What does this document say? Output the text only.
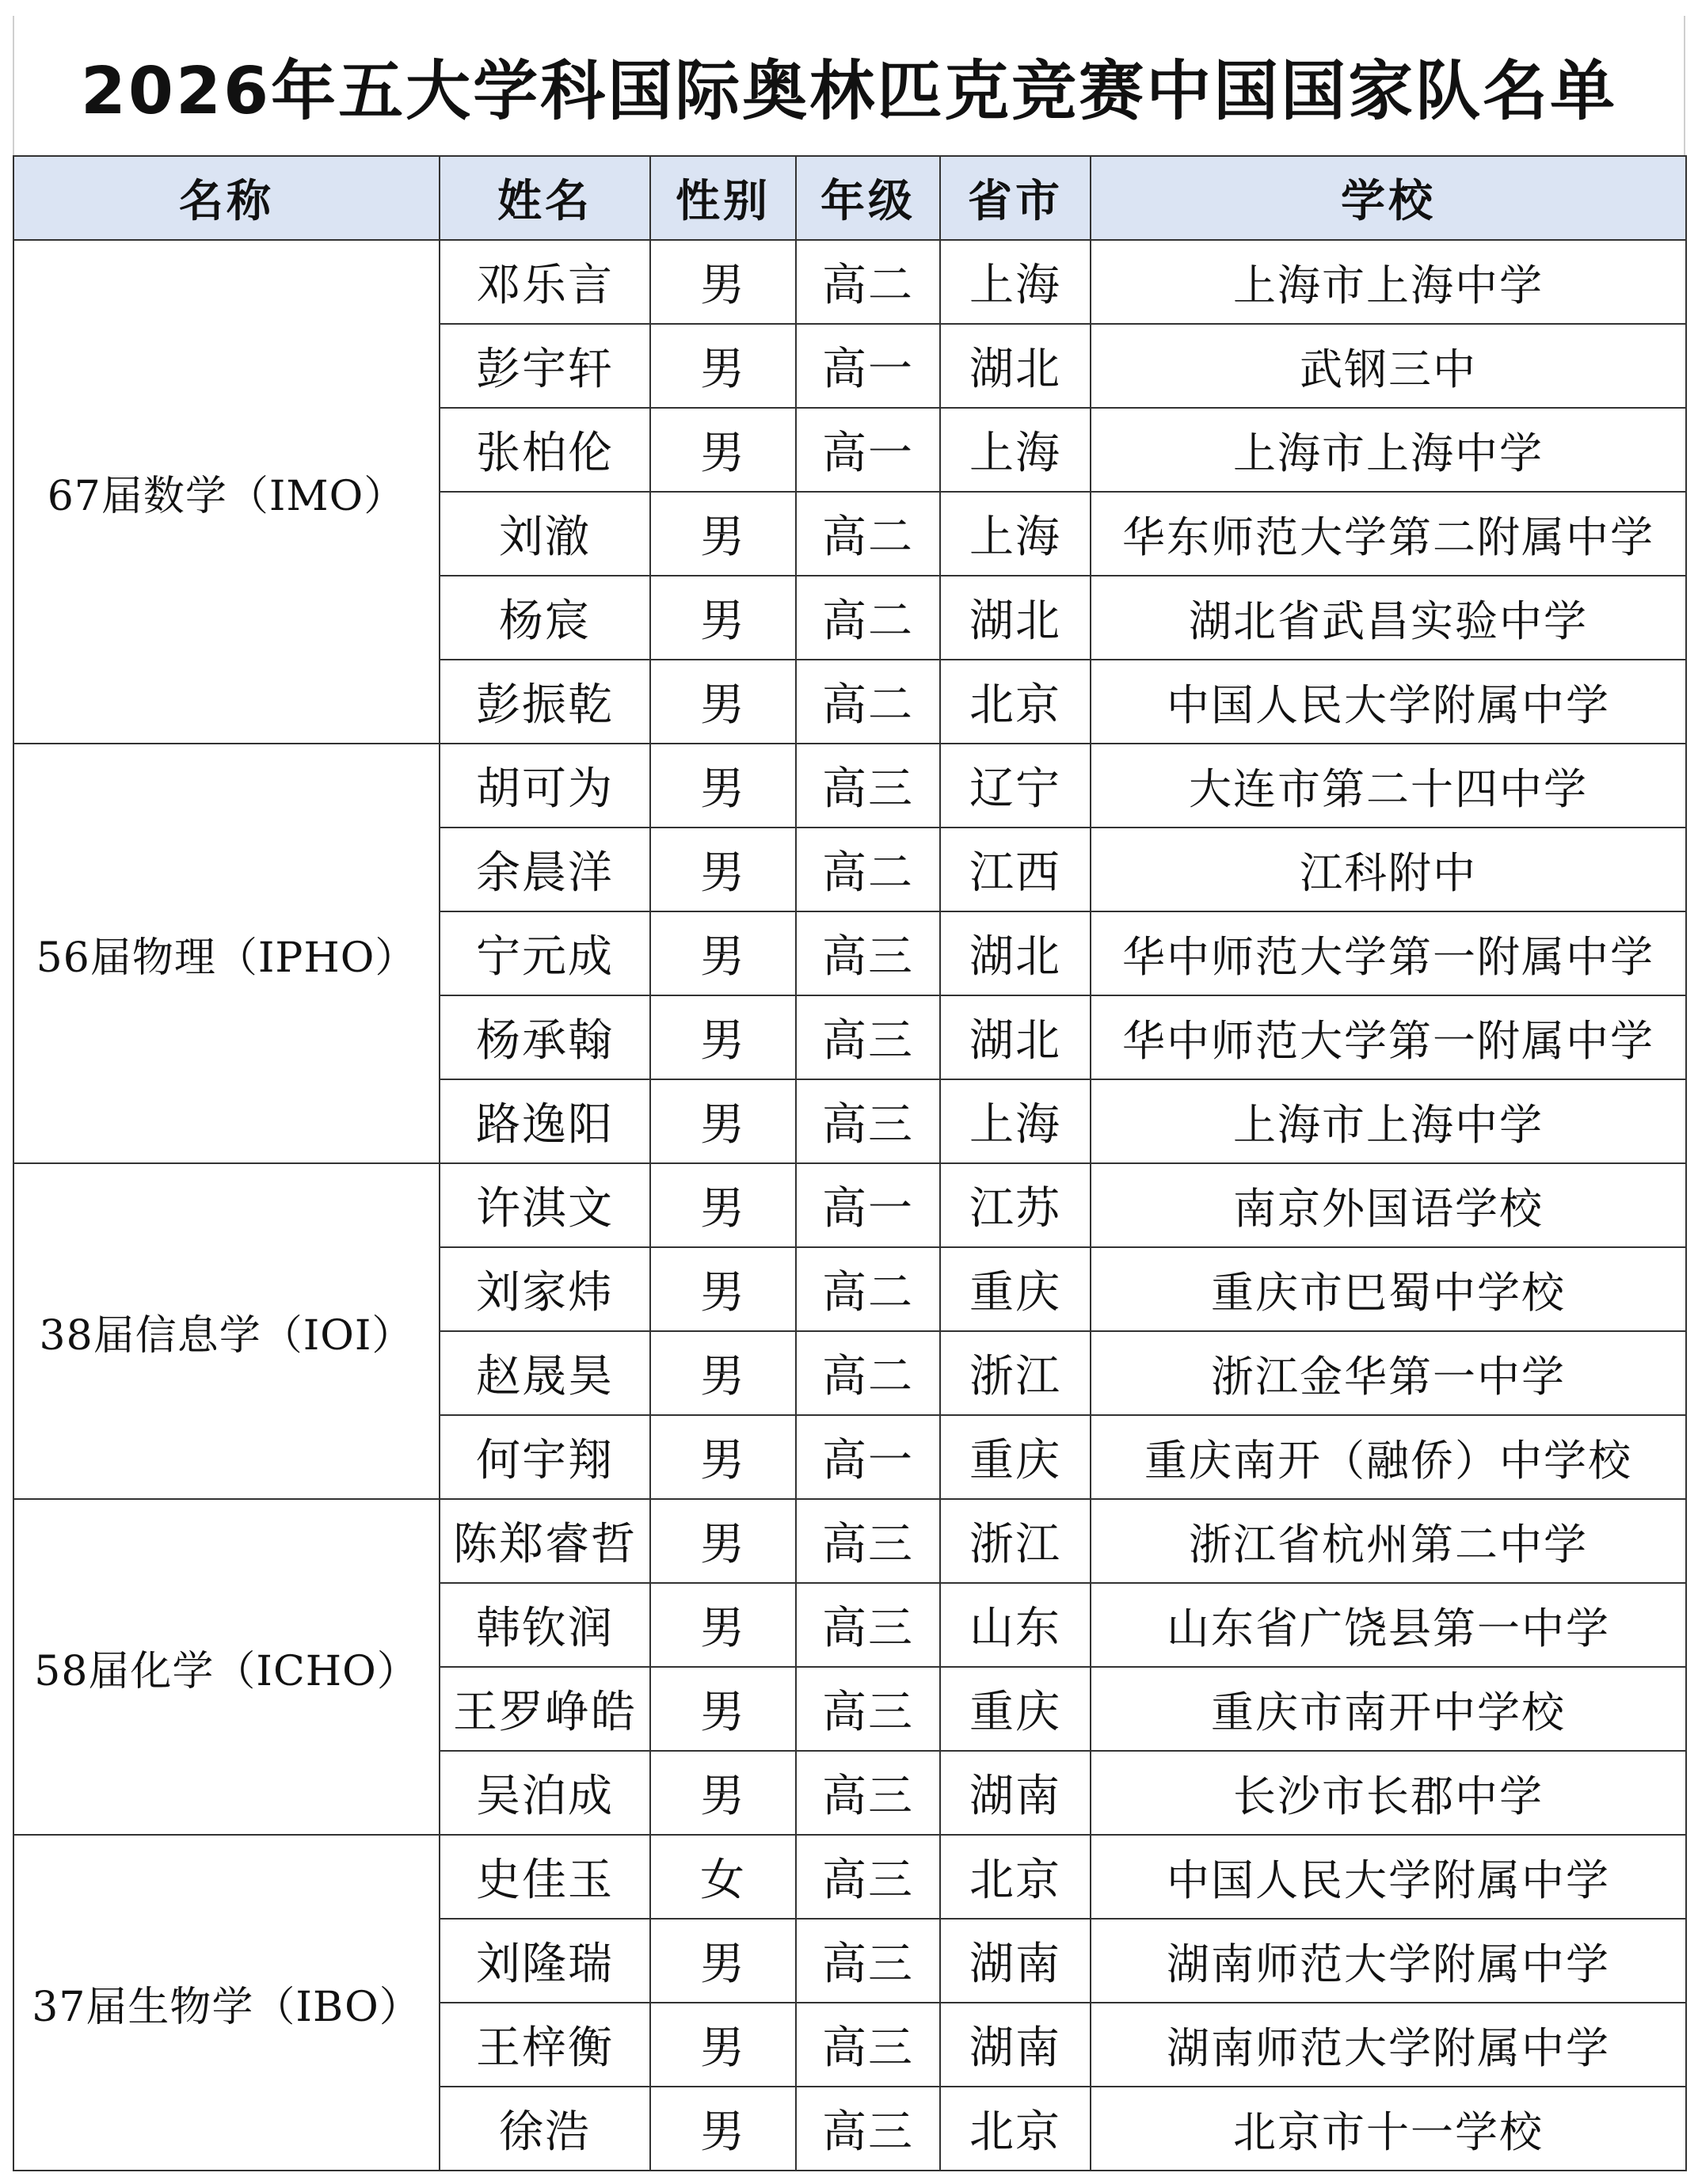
2026年五大学科国际奥林匹克竞赛中国国家队名单
名称	姓名	性别	年级	省市	学校
67届数学（IMO）	邓乐言	男	高二	上海	上海市上海中学
	彭宇轩	男	高一	湖北	武钢三中
	张柏伦	男	高一	上海	上海市上海中学
	刘澈	男	高二	上海	华东师范大学第二附属中学
	杨宸	男	高二	湖北	湖北省武昌实验中学
	彭振乾	男	高二	北京	中国人民大学附属中学
56届物理（IPHO）	胡可为	男	高三	辽宁	大连市第二十四中学
	余晨洋	男	高二	江西	江科附中
	宁元成	男	高三	湖北	华中师范大学第一附属中学
	杨承翰	男	高三	湖北	华中师范大学第一附属中学
	路逸阳	男	高三	上海	上海市上海中学
38届信息学（IOI）	许淇文	男	高一	江苏	南京外国语学校
	刘家炜	男	高二	重庆	重庆市巴蜀中学校
	赵晟昊	男	高二	浙江	浙江金华第一中学
	何宇翔	男	高一	重庆	重庆南开（融侨）中学校
58届化学（ICHO）	陈郑睿哲	男	高三	浙江	浙江省杭州第二中学
	韩钦润	男	高三	山东	山东省广饶县第一中学
	王罗峥皓	男	高三	重庆	重庆市南开中学校
	吴泊成	男	高三	湖南	长沙市长郡中学
37届生物学（IBO）	史佳玉	女	高三	北京	中国人民大学附属中学
	刘隆瑞	男	高三	湖南	湖南师范大学附属中学
	王梓衡	男	高三	湖南	湖南师范大学附属中学
	徐浩	男	高三	北京	北京市十一学校
